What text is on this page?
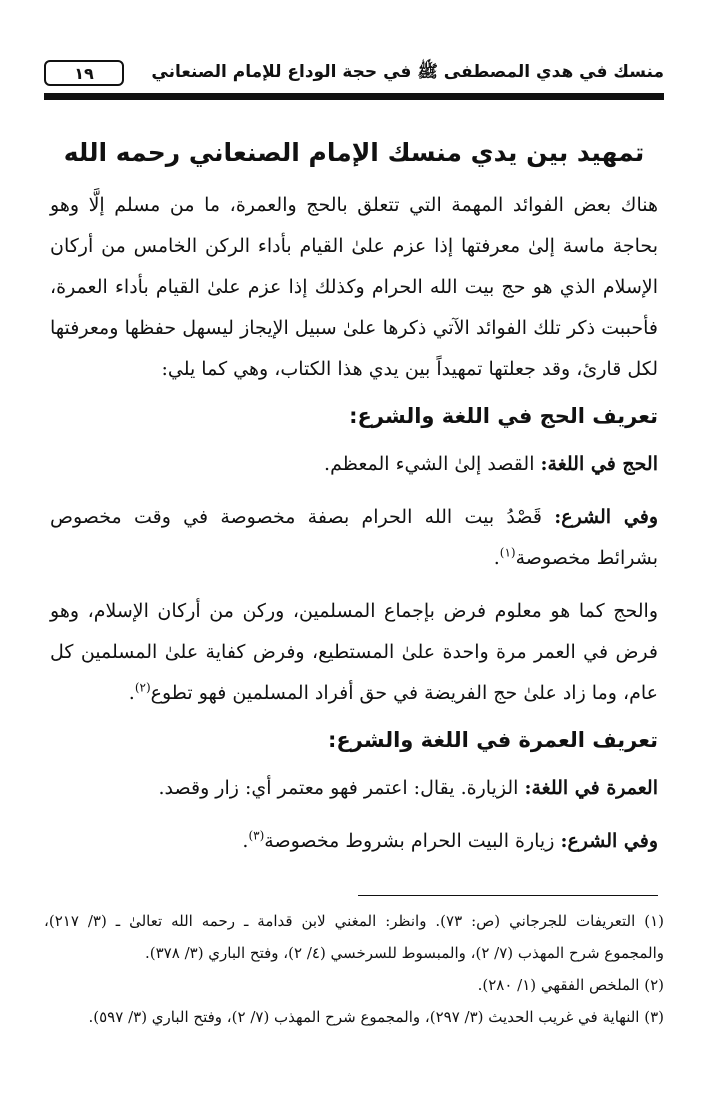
منسك في هدي المصطفى ﷺ في حجة الوداع للإمام الصنعاني
١٩
تمهيد بين يدي منسك الإمام الصنعاني رحمه الله

هناك بعض الفوائد المهمة التي تتعلق بالحج والعمرة، ما من مسلم إلَّا وهو بحاجة ماسة إلىٰ معرفتها إذا عزم علىٰ القيام بأداء الركن الخامس من أركان الإسلام الذي هو حج بيت الله الحرام وكذلك إذا عزم علىٰ القيام بأداء العمرة، فأحببت ذكر تلك الفوائد الآتي ذكرها علىٰ سبيل الإيجاز ليسهل حفظها ومعرفتها لكل قارئ، وقد جعلتها تمهيداً بين يدي هذا الكتاب، وهي كما يلي:

تعريف الحج في اللغة والشرع:

الحج في اللغة: القصد إلىٰ الشيء المعظم.

وفي الشرع: قَصْدُ بيت الله الحرام بصفة مخصوصة في وقت مخصوص بشرائط مخصوصة$^{(١)}$.

والحج كما هو معلوم فرض بإجماع المسلمين، وركن من أركان الإسلام، وهو فرض في العمر مرة واحدة علىٰ المستطيع، وفرض كفاية علىٰ المسلمين كل عام، وما زاد علىٰ حج الفريضة في حق أفراد المسلمين فهو تطوع$^{(٢)}$.

تعريف العمرة في اللغة والشرع:

العمرة في اللغة: الزيارة. يقال: اعتمر فهو معتمر أي: زار وقصد.

وفي الشرع: زيارة البيت الحرام بشروط مخصوصة$^{(٣)}$.

(١) التعريفات للجرجاني (ص: ٧٣). وانظر: المغني لابن قدامة ـ رحمه الله تعالىٰ ـ (٣/ ٢١٧)، والمجموع شرح المهذب (٧/ ٢)، والمبسوط للسرخسي (٤/ ٢)، وفتح الباري (٣/ ٣٧٨).

(٢) الملخص الفقهي (١/ ٢٨٠).

(٣) النهاية في غريب الحديث (٣/ ٢٩٧)، والمجموع شرح المهذب (٧/ ٢)، وفتح الباري (٣/ ٥٩٧).
